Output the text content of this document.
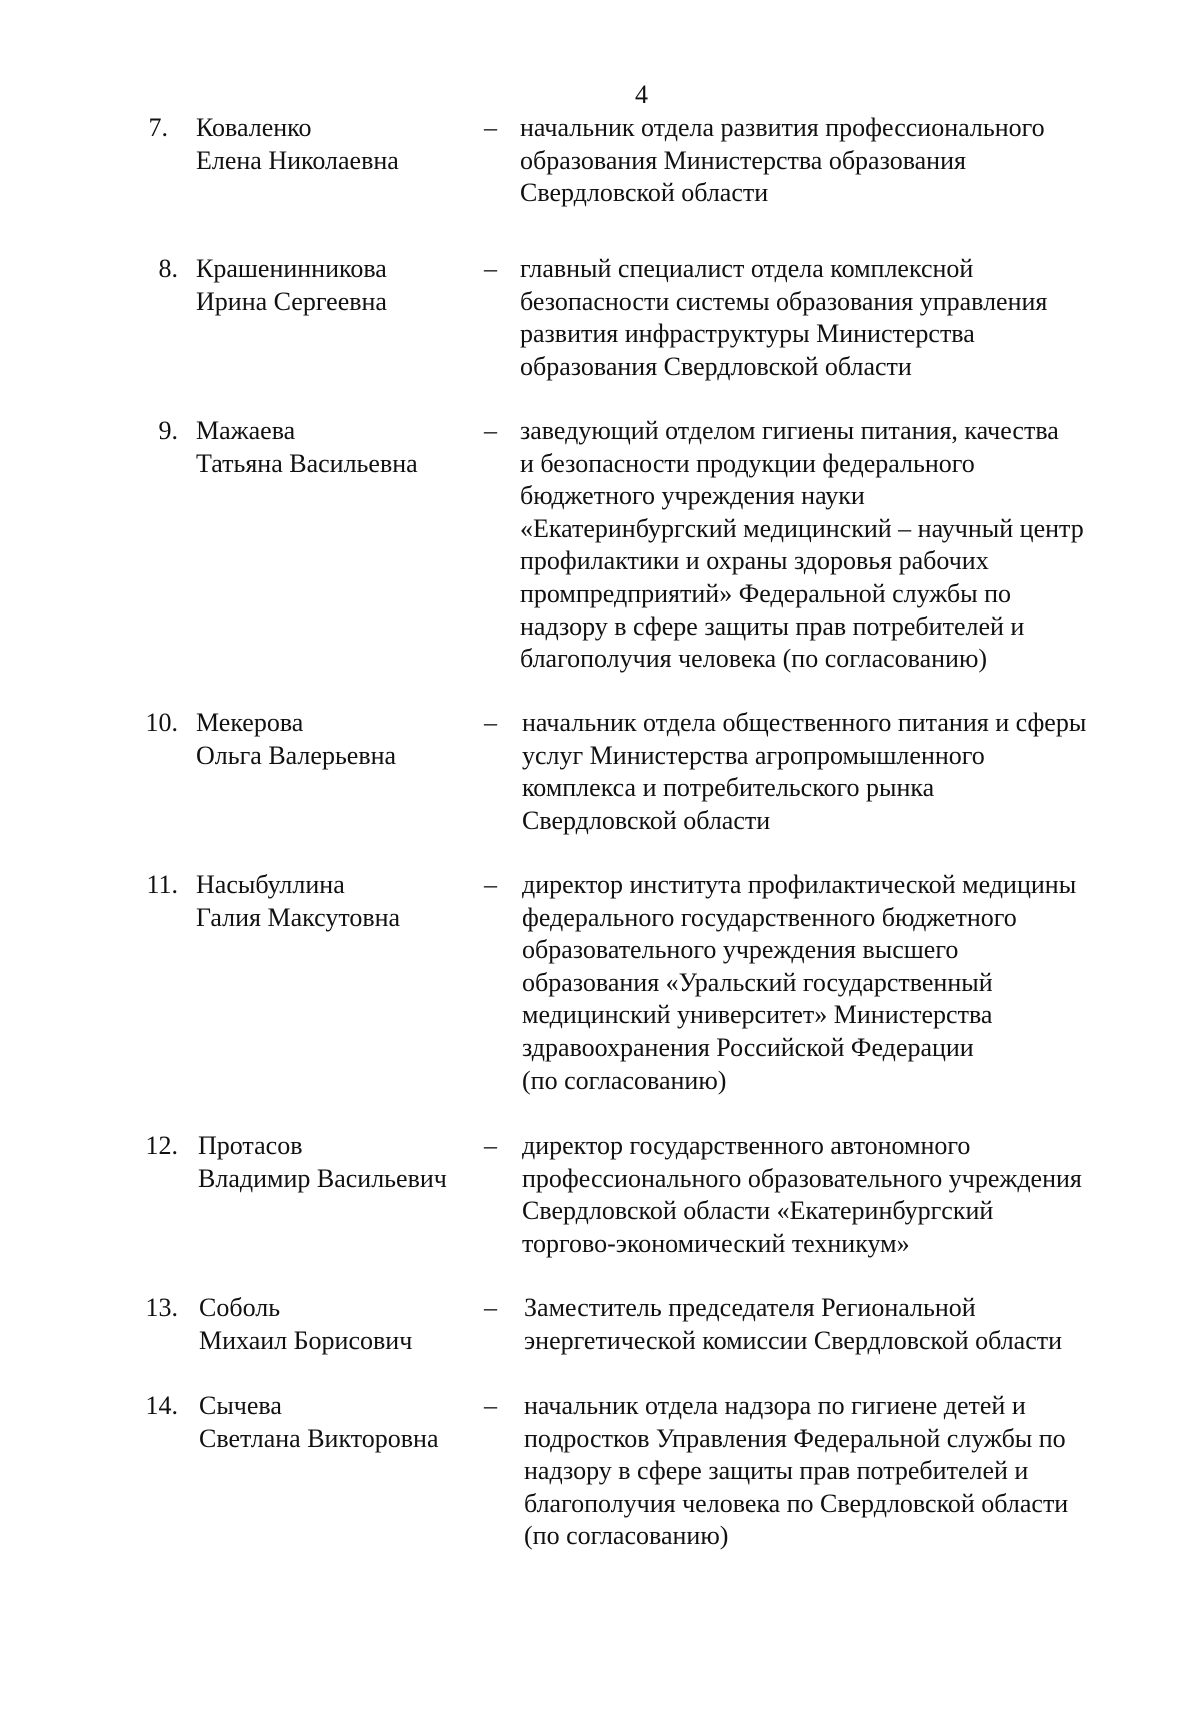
4
7. Коваленко
Елена Николаевна
– начальник отдела развития профессионального
образования Министерства образования
Свердловской области
8. Крашенинникова
Ирина Сергеевна
– главный специалист отдела комплексной
безопасности системы образования управления
развития инфраструктуры Министерства
образования Свердловской области
9. Мажаева
Татьяна Васильевна
– заведующий отделом гигиены питания, качества
и безопасности продукции федерального
бюджетного учреждения науки
«Екатеринбургский медицинский – научный центр
профилактики и охраны здоровья рабочих
промпредприятий» Федеральной службы по
надзору в сфере защиты прав потребителей и
благополучия человека (по согласованию)
10. Мекерова
Ольга Валерьевна
– начальник отдела общественного питания и сферы
услуг Министерства агропромышленного
комплекса и потребительского рынка
Свердловской области
11. Насыбуллина
Галия Максутовна
– директор института профилактической медицины
федерального государственного бюджетного
образовательного учреждения высшего
образования «Уральский государственный
медицинский университет» Министерства
здравоохранения Российской Федерации
(по согласованию)
12. Протасов
Владимир Васильевич
– директор государственного автономного
профессионального образовательного учреждения
Свердловской области «Екатеринбургский
торгово-экономический техникум»
13. Соболь
Михаил Борисович
– Заместитель председателя Региональной
энергетической комиссии Свердловской области
14. Сычева
Светлана Викторовна
– начальник отдела надзора по гигиене детей и
подростков Управления Федеральной службы по
надзору в сфере защиты прав потребителей и
благополучия человека по Свердловской области
(по согласованию)
